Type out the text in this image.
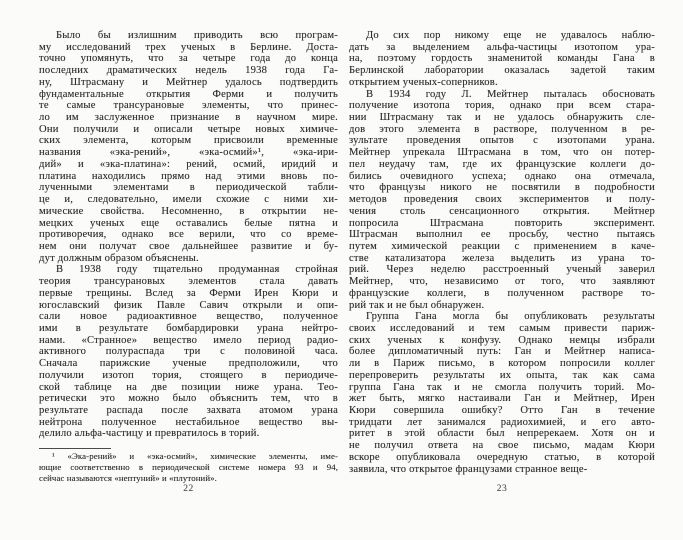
Было бы излишним приводить всю програм-
му исследований трех ученых в Берлине. Доста-
точно упомянуть, что за четыре года до конца
последних драматических недель 1938 года Га-
ну, Штрасману и Мейтнер удалось подтвердить
фундаментальные открытия Ферми и получить
те самые трансурановые элементы, что принес-
ло им заслуженное признание в научном мире.
Они получили и описали четыре новых химиче-
ских элемента, которым присвоили временные
названия «эка-рений», «эка-осмий»¹, «эка-ири-
дий» и «эка-платина»: рений, осмий, иридий и
платина находились прямо над этими вновь по-
лученными элементами в периодической табли-
це и, следовательно, имели схожие с ними хи-
мические свойства. Несомненно, в открытии не-
мецких ученых еще оставались белые пятна и
противоречия, однако все верили, что со време-
нем они получат свое дальнейшее развитие и бу-
дут должным образом объяснены.
В 1938 году тщательно продуманная стройная
теория трансурановых элементов стала давать
первые трещины. Вслед за Ферми Ирен Кюри и
югославский физик Павле Савич открыли и опи-
сали новое радиоактивное вещество, полученное
ими в результате бомбардировки урана нейтро-
нами. «Странное» вещество имело период радио-
активного полураспада три с половиной часа.
Сначала парижские ученые предположили, что
получили изотоп тория, стоящего в периодиче-
ской таблице на две позиции ниже урана. Тео-
ретически это можно было объяснить тем, что в
результате распада после захвата атомом урана
нейтрона полученное нестабильное вещество вы-
делило альфа-частицу и превратилось в торий.
¹ «Эка-рений» и «эка-осмий», химические элементы, име-
ющие соответственно в периодической системе номера 93 и 94,
сейчас называются «нептуний» и «плутоний».
22
До сих пор никому еще не удавалось наблю-
дать за выделением альфа-частицы изотопом ура-
на, поэтому гордость знаменитой команды Гана в
Берлинской лаборатории оказалась задетой таким
открытием ученых-соперников.
В 1934 году Л. Мейтнер пыталась обосновать
получение изотопа тория, однако при всем стара-
нии Штрасману так и не удалось обнаружить сле-
дов этого элемента в растворе, полученном в ре-
зультате проведения опытов с изотопами урана.
Мейтнер упрекала Штрасмана в том, что он потер-
пел неудачу там, где их французские коллеги до-
бились очевидного успеха; однако она отмечала,
что французы никого не посвятили в подробности
методов проведения своих экспериментов и полу-
чения столь сенсационного открытия. Мейтнер
попросила Штрасмана повторить эксперимент.
Штрасман выполнил ее просьбу, честно пытаясь
путем химической реакции с применением в каче-
стве катализатора железа выделить из урана то-
рий. Через неделю расстроенный ученый заверил
Мейтнер, что, независимо от того, что заявляют
французские коллеги, в полученном растворе то-
рий так и не был обнаружен.
Группа Гана могла бы опубликовать результаты
своих исследований и тем самым привести париж-
ских ученых к конфузу. Однако немцы избрали
более дипломатичный путь: Ган и Мейтнер написа-
ли в Париж письмо, в котором попросили коллег
перепроверить результаты их опыта, так как сама
группа Гана так и не смогла получить торий. Мо-
жет быть, мягко настаивали Ган и Мейтнер, Ирен
Кюри совершила ошибку? Отто Ган в течение
тридцати лет занимался радиохимией, и его авто-
ритет в этой области был непререкаем. Хотя он и
не получил ответа на свое письмо, мадам Кюри
вскоре опубликовала очередную статью, в которой
заявила, что открытое французами странное веще-
23
